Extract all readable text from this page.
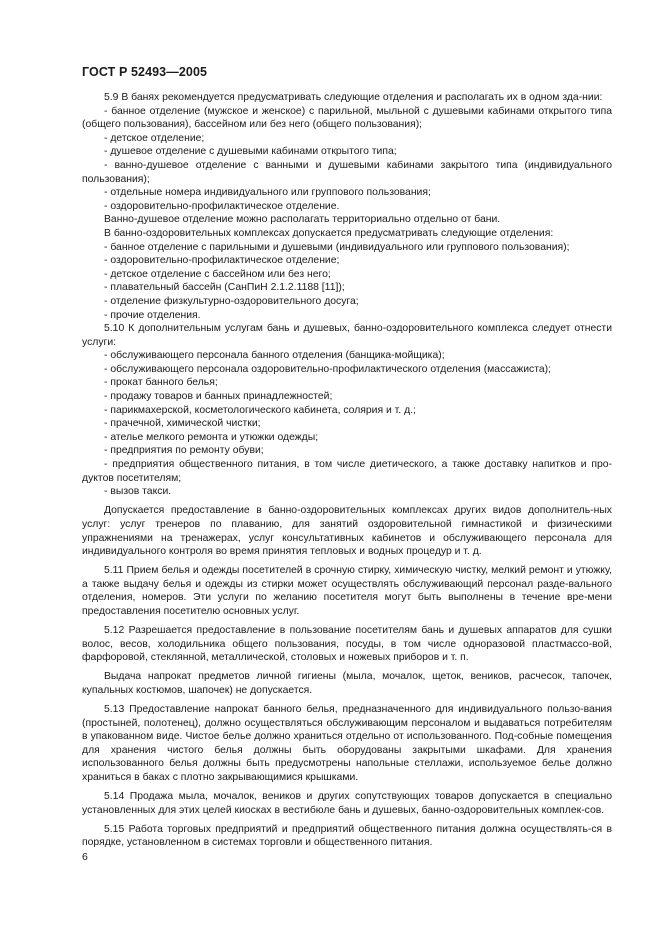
ГОСТ Р 52493—2005

5.9 В банях рекомендуется предусматривать следующие отделения и располагать их в одном зда-нии:

- банное отделение (мужское и женское) с парильной, мыльной с душевыми кабинами открытого типа (общего пользования), бассейном или без него (общего пользования);

- детское отделение;

- душевое отделение с душевыми кабинами открытого типа;

- ванно-душевое отделение с ванными и душевыми кабинами закрытого типа (индивидуального пользования);

- отдельные номера индивидуального или группового пользования;

- оздоровительно-профилактическое отделение.

Ванно-душевое отделение можно располагать территориально отдельно от бани.

В банно-оздоровительных комплексах допускается предусматривать следующие отделения:

- банное отделение с парильными и душевыми (индивидуального или группового пользования);

- оздоровительно-профилактическое отделение;

- детское отделение с бассейном или без него;

- плавательный бассейн (СанПиН 2.1.2.1188 [11]);

- отделение физкультурно-оздоровительного досуга;

- прочие отделения.

5.10 К дополнительным услугам бань и душевых, банно-оздоровительного комплекса следует отнести услуги:

- обслуживающего персонала банного отделения (банщика-мойщика);

- обслуживающего персонала оздоровительно-профилактического отделения (массажиста);

- прокат банного белья;

- продажу товаров и банных принадлежностей;

- парикмахерской, косметологического кабинета, солярия и т. д.;

- прачечной, химической чистки;

- ателье мелкого ремонта и утюжки одежды;

- предприятия по ремонту обуви;

- предприятия общественного питания, в том числе диетического, а также доставку напитков и про-дуктов посетителям;

- вызов такси.

Допускается предоставление в банно-оздоровительных комплексах других видов дополнитель-ных услуг: услуг тренеров по плаванию, для занятий оздоровительной гимнастикой и физическими упражнениями на тренажерах, услуг консультативных кабинетов и обслуживающего персонала для индивидуального контроля во время принятия тепловых и водных процедур и т. д.

5.11 Прием белья и одежды посетителей в срочную стирку, химическую чистку, мелкий ремонт и утюжку, а также выдачу белья и одежды из стирки может осуществлять обслуживающий персонал разде-вального отделения, номеров. Эти услуги по желанию посетителя могут быть выполнены в течение вре-мени предоставления посетителю основных услуг.

5.12 Разрешается предоставление в пользование посетителям бань и душевых аппаратов для сушки волос, весов, холодильника общего пользования, посуды, в том числе одноразовой пластмассо-вой, фарфоровой, стеклянной, металлической, столовых и ножевых приборов и т. п.

Выдача напрокат предметов личной гигиены (мыла, мочалок, щеток, веников, расчесок, тапочек, купальных костюмов, шапочек) не допускается.

5.13 Предоставление напрокат банного белья, предназначенного для индивидуального пользо-вания (простыней, полотенец), должно осуществляться обслуживающим персоналом и выдаваться потребителям в упакованном виде. Чистое белье должно храниться отдельно от использованного. Под-собные помещения для хранения чистого белья должны быть оборудованы закрытыми шкафами. Для хранения использованного белья должны быть предусмотрены напольные стеллажи, используемое белье должно храниться в баках с плотно закрывающимися крышками.

5.14 Продажа мыла, мочалок, веников и других сопутствующих товаров допускается в специально установленных для этих целей киосках в вестибюле бань и душевых, банно-оздоровительных комплек-сов.

5.15 Работа торговых предприятий и предприятий общественного питания должна осуществлять-ся в порядке, установленном в системах торговли и общественного питания.

6
